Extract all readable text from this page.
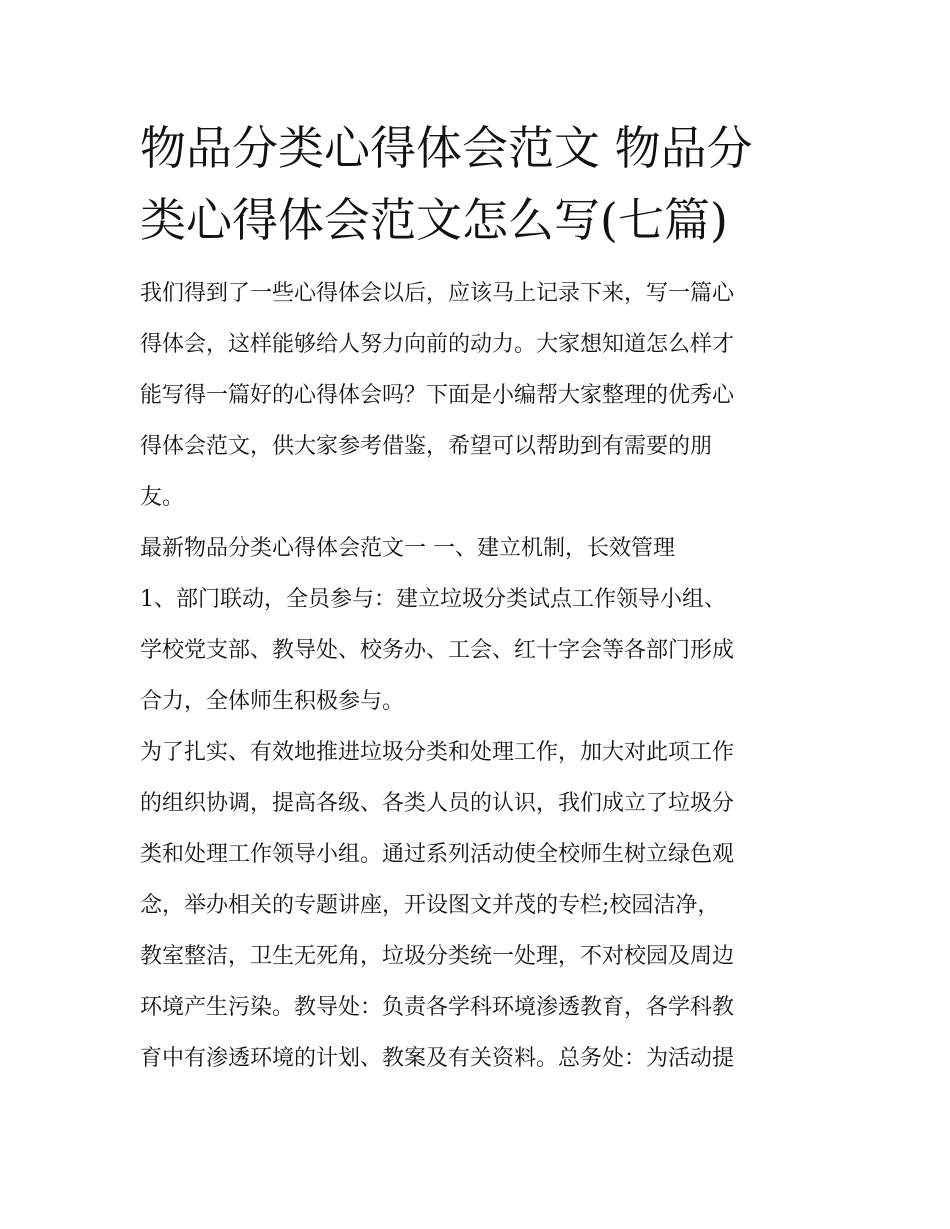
物品分类心得体会范文 物品分
类心得体会范文怎么写(七篇)

我们得到了一些心得体会以后，应该马上记录下来，写一篇心
得体会，这样能够给人努力向前的动力。大家想知道怎么样才
能写得一篇好的心得体会吗？下面是小编帮大家整理的优秀心
得体会范文，供大家参考借鉴，希望可以帮助到有需要的朋
友。

最新物品分类心得体会范文一 一、建立机制，长效管理

1、部门联动，全员参与：建立垃圾分类试点工作领导小组、
学校党支部、教导处、校务办、工会、红十字会等各部门形成
合力，全体师生积极参与。

为了扎实、有效地推进垃圾分类和处理工作，加大对此项工作
的组织协调，提高各级、各类人员的认识，我们成立了垃圾分
类和处理工作领导小组。通过系列活动使全校师生树立绿色观
念，举办相关的专题讲座，开设图文并茂的专栏;校园洁净，
教室整洁，卫生无死角，垃圾分类统一处理，不对校园及周边
环境产生污染。教导处：负责各学科环境渗透教育，各学科教
育中有渗透环境的计划、教案及有关资料。总务处：为活动提
